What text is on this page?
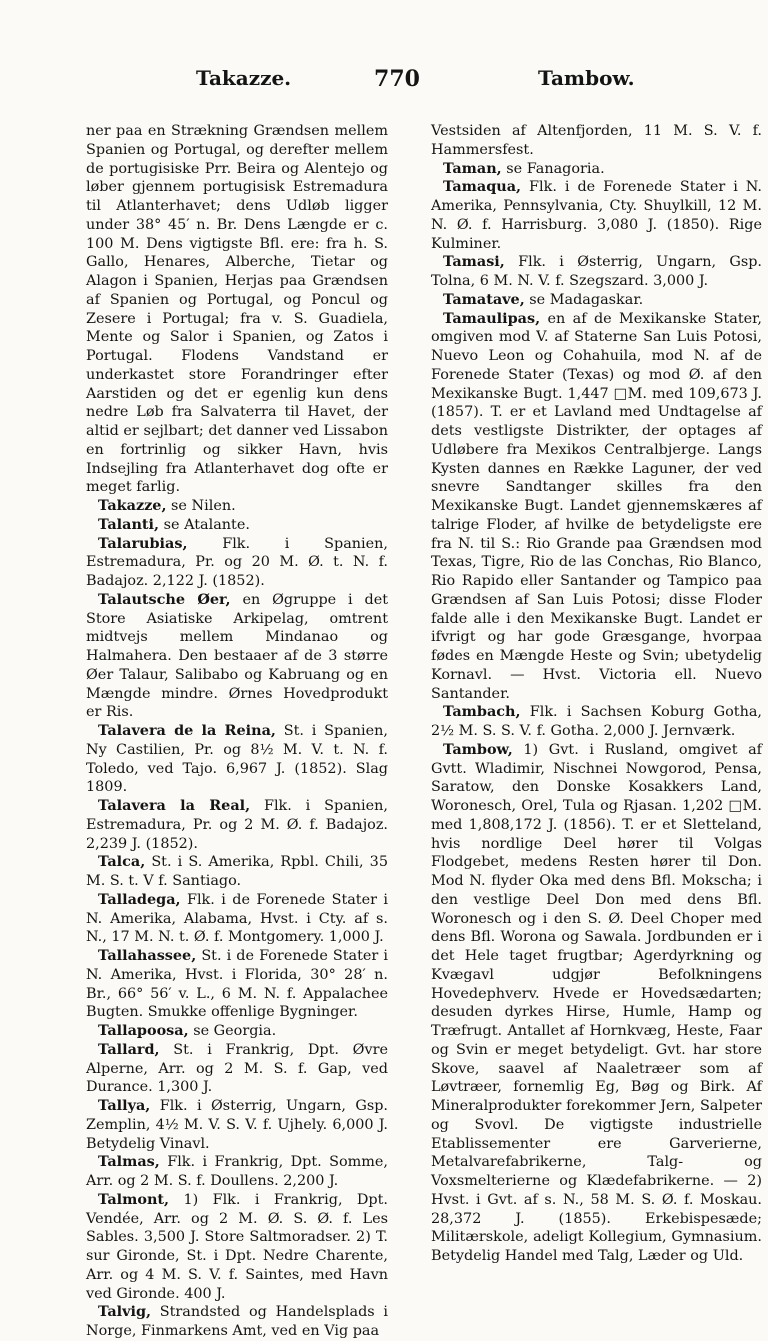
Takazze.	770	Tambow.

ner paa en Strækning Grændsen mellem Spanien og Portugal, og derefter mellem de portugisiske Prr. Beira og Alentejo og løber gjennem portugisisk Estremadura til Atlanterhavet; dens Udløb ligger under 38° 45′ n. Br. Dens Længde er c. 100 M. Dens vigtigste Bfl. ere: fra h. S. Gallo, Henares, Alberche, Tietar og Alagon i Spanien, Herjas paa Grændsen af Spanien og Portugal, og Poncul og Zesere i Portugal; fra v. S. Guadiela, Mente og Salor i Spanien, og Zatos i Portugal. Flodens Vandstand er underkastet store Forandringer efter Aarstiden og det er egenlig kun dens nedre Løb fra Salvaterra til Havet, der altid er sejlbart; det danner ved Lissabon en fortrinlig og sikker Havn, hvis Indsejling fra Atlanterhavet dog ofte er meget farlig.

Takazze, se Nilen.

Talanti, se Atalante.

Talarubias, Flk. i Spanien, Estremadura, Pr. og 20 M. Ø. t. N. f. Badajoz. 2,122 J. (1852).

Talautsche Øer, en Øgruppe i det Store Asiatiske Arkipelag, omtrent midtvejs mellem Mindanao og Halmahera. Den bestaaer af de 3 større Øer Talaur, Salibabo og Kabruang og en Mængde mindre. Ørnes Hovedprodukt er Ris.

Talavera de la Reina, St. i Spanien, Ny Castilien, Pr. og 8½ M. V. t. N. f. Toledo, ved Tajo. 6,967 J. (1852). Slag 1809.

Talavera la Real, Flk. i Spanien, Estremadura, Pr. og 2 M. Ø. f. Badajoz. 2,239 J. (1852).

Talca, St. i S. Amerika, Rpbl. Chili, 35 M. S. t. V f. Santiago.

Talladega, Flk. i de Forenede Stater i N. Amerika, Alabama, Hvst. i Cty. af s. N., 17 M. N. t. Ø. f. Montgomery. 1,000 J.

Tallahassee, St. i de Forenede Stater i N. Amerika, Hvst. i Florida, 30° 28′ n. Br., 66° 56′ v. L., 6 M. N. f. Appalachee Bugten. Smukke offenlige Bygninger.

Tallapoosa, se Georgia.

Tallard, St. i Frankrig, Dpt. Øvre Alperne, Arr. og 2 M. S. f. Gap, ved Durance. 1,300 J.

Tallya, Flk. i Østerrig, Ungarn, Gsp. Zemplin, 4½ M. V. S. V. f. Ujhely. 6,000 J. Betydelig Vinavl.

Talmas, Flk. i Frankrig, Dpt. Somme, Arr. og 2 M. S. f. Doullens. 2,200 J.

Talmont, 1) Flk. i Frankrig, Dpt. Vendée, Arr. og 2 M. Ø. S. Ø. f. Les Sables. 3,500 J. Store Saltmoradser. 2) T. sur Gironde, St. i Dpt. Nedre Charente, Arr. og 4 M. S. V. f. Saintes, med Havn ved Gironde. 400 J.

Talvig, Strandsted og Handelsplads i Norge, Finmarkens Amt, ved en Vig paa

Vestsiden af Altenfjorden, 11 M. S. V. f. Hammersfest.

Taman, se Fanagoria.

Tamaqua, Flk. i de Forenede Stater i N. Amerika, Pennsylvania, Cty. Shuylkill, 12 M. N. Ø. f. Harrisburg. 3,080 J. (1850). Rige Kulminer.

Tamasi, Flk. i Østerrig, Ungarn, Gsp. Tolna, 6 M. N. V. f. Szegszard. 3,000 J.

Tamatave, se Madagaskar.

Tamaulipas, en af de Mexikanske Stater, omgiven mod V. af Staterne San Luis Potosi, Nuevo Leon og Cohahuila, mod N. af de Forenede Stater (Texas) og mod Ø. af den Mexikanske Bugt. 1,447 □M. med 109,673 J. (1857). T. er et Lavland med Undtagelse af dets vestligste Distrikter, der optages af Udløbere fra Mexikos Centralbjerge. Langs Kysten dannes en Række Laguner, der ved snevre Sandtanger skilles fra den Mexikanske Bugt. Landet gjennemskæres af talrige Floder, af hvilke de betydeligste ere fra N. til S.: Rio Grande paa Grændsen mod Texas, Tigre, Rio de las Conchas, Rio Blanco, Rio Rapido eller Santander og Tampico paa Grændsen af San Luis Potosi; disse Floder falde alle i den Mexikanske Bugt. Landet er ifvrigt og har gode Græsgange, hvorpaa fødes en Mængde Heste og Svin; ubetydelig Kornavl. — Hvst. Victoria ell. Nuevo Santander.

Tambach, Flk. i Sachsen Koburg Gotha, 2½ M. S. S. V. f. Gotha. 2,000 J. Jernværk.

Tambow, 1) Gvt. i Rusland, omgivet af Gvtt. Wladimir, Nischnei Nowgorod, Pensa, Saratow, den Donske Kosakkers Land, Woronesch, Orel, Tula og Rjasan. 1,202 □M. med 1,808,172 J. (1856). T. er et Sletteland, hvis nordlige Deel hører til Volgas Flodgebet, medens Resten hører til Don. Mod N. flyder Oka med dens Bfl. Mokscha; i den vestlige Deel Don med dens Bfl. Woronesch og i den S. Ø. Deel Choper med dens Bfl. Worona og Sawala. Jordbunden er i det Hele taget frugtbar; Agerdyrkning og Kvægavl udgjør Befolkningens Hovedерhverv. Hvede er Hovedsædarten; desuden dyrkes Hirse, Humle, Hamp og Træfrugt. Antallet af Hornkvæg, Heste, Faar og Svin er meget betydeligt. Gvt. har store Skove, saavel af Naaletræer som af Løvtræer, fornemlig Eg, Bøg og Birk. Af Mineralprodukter forekommer Jern, Salpeter og Svovl. De vigtigste industrielle Etablissementer ere Garverierne, Metalvarefabrikerne, Talg- og Voxsmelterierne og Klædefabrikerne. — 2) Hvst. i Gvt. af s. N., 58 M. S. Ø. f. Moskau. 28,372 J. (1855). Erkebispesæde; Militærskole, adeligt Kollegium, Gymnasium. Betydelig Handel med Talg, Læder og Uld.
